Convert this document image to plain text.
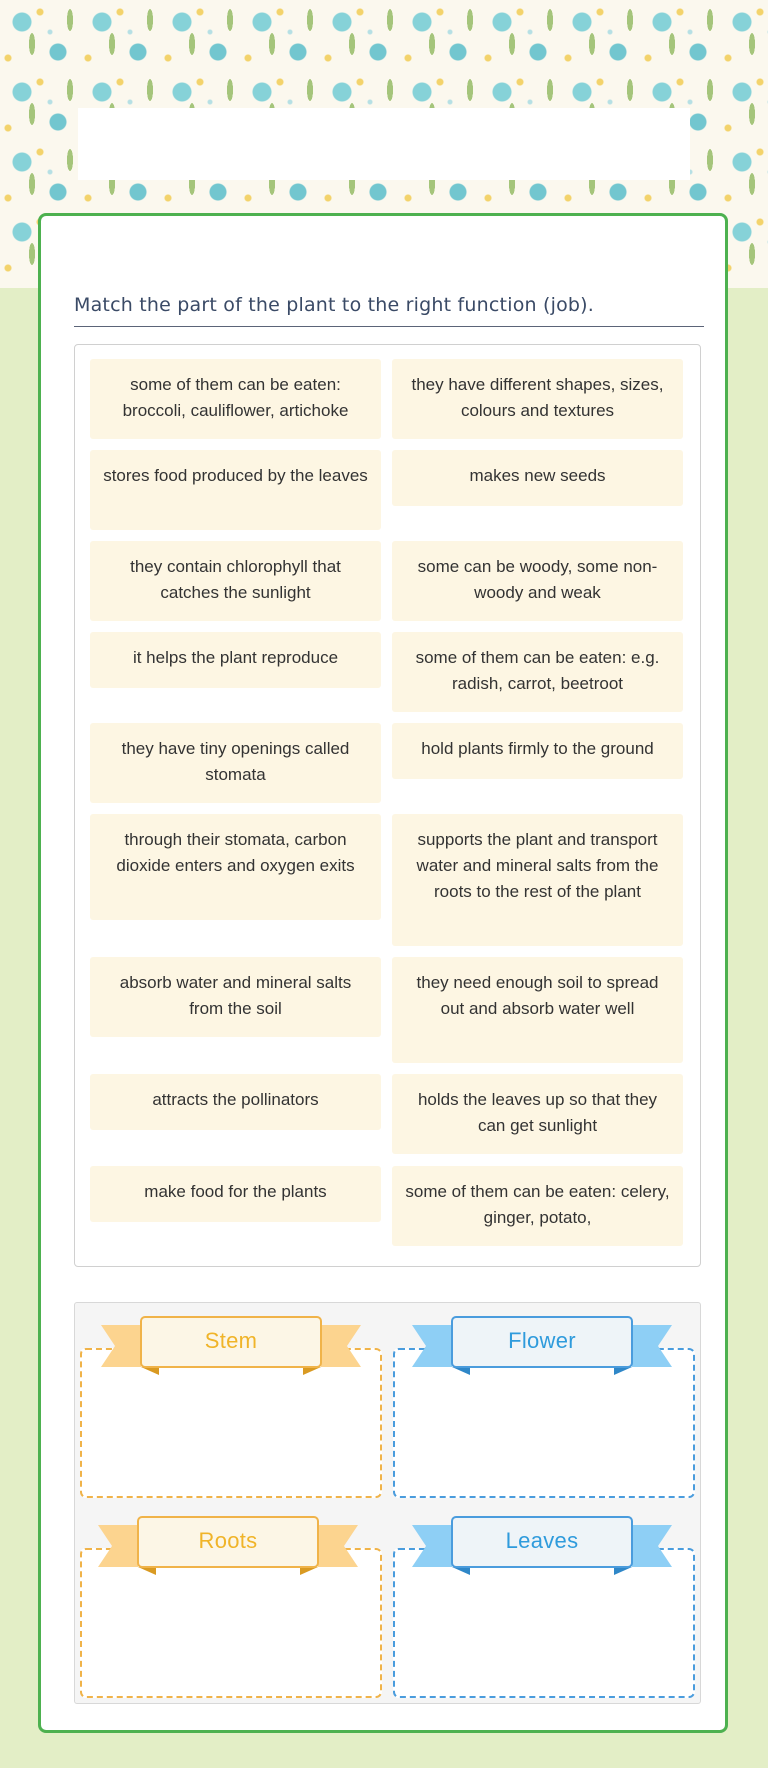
Match the part of the plant to the right function (job).
some of them can be eaten: broccoli, cauliflower, artichoke
stores food produced by the leaves
they contain chlorophyll that catches the sunlight
it helps the plant reproduce
they have tiny openings called stomata
through their stomata, carbon dioxide enters and oxygen exits
absorb water and mineral salts from the soil
attracts the pollinators
make food for the plants
they have different shapes, sizes, colours and textures
makes new seeds
some can be woody, some non-woody and weak
some of them can be eaten: e.g. radish, carrot, beetroot
hold plants firmly to the ground
supports the plant and transport water and mineral salts from the roots to the rest of the plant
they need enough soil to spread out and absorb water well
holds the leaves up so that they can get sunlight
some of them can be eaten: celery, ginger, potato,
Stem	Flower
Roots	Leaves
